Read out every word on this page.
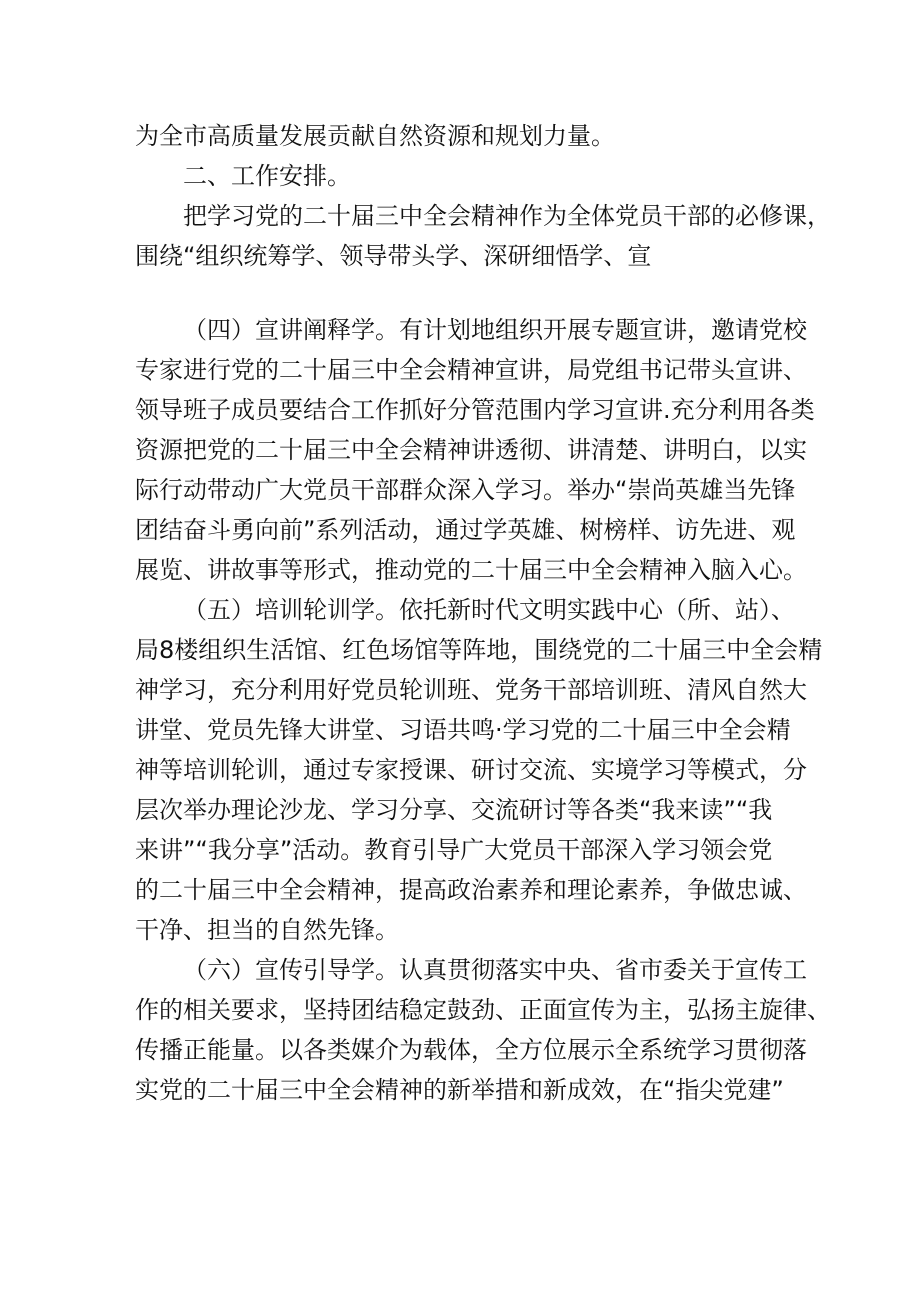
为全市高质量发展贡献自然资源和规划力量。
二、工作安排。
把学习党的二十届三中全会精神作为全体党员干部的必修课，
围绕“组织统筹学、领导带头学、深研细悟学、宣
（四）宣讲阐释学。有计划地组织开展专题宣讲，邀请党校
专家进行党的二十届三中全会精神宣讲，局党组书记带头宣讲、
领导班子成员要结合工作抓好分管范围内学习宣讲.充分利用各类
资源把党的二十届三中全会精神讲透彻、讲清楚、讲明白，以实
际行动带动广大党员干部群众深入学习。举办“崇尚英雄当先锋
团结奋斗勇向前”系列活动，通过学英雄、树榜样、访先进、观
展览、讲故事等形式，推动党的二十届三中全会精神入脑入心。
（五）培训轮训学。依托新时代文明实践中心（所、站）、
局8楼组织生活馆、红色场馆等阵地，围绕党的二十届三中全会精
神学习，充分利用好党员轮训班、党务干部培训班、清风自然大
讲堂、党员先锋大讲堂、习语共鸣·学习党的二十届三中全会精
神等培训轮训，通过专家授课、研讨交流、实境学习等模式，分
层次举办理论沙龙、学习分享、交流研讨等各类“我来读”“我
来讲”“我分享”活动。教育引导广大党员干部深入学习领会党
的二十届三中全会精神，提高政治素养和理论素养，争做忠诚、
干净、担当的自然先锋。
（六）宣传引导学。认真贯彻落实中央、省市委关于宣传工
作的相关要求，坚持团结稳定鼓劲、正面宣传为主，弘扬主旋律、
传播正能量。以各类媒介为载体，全方位展示全系统学习贯彻落
实党的二十届三中全会精神的新举措和新成效，在“指尖党建”
